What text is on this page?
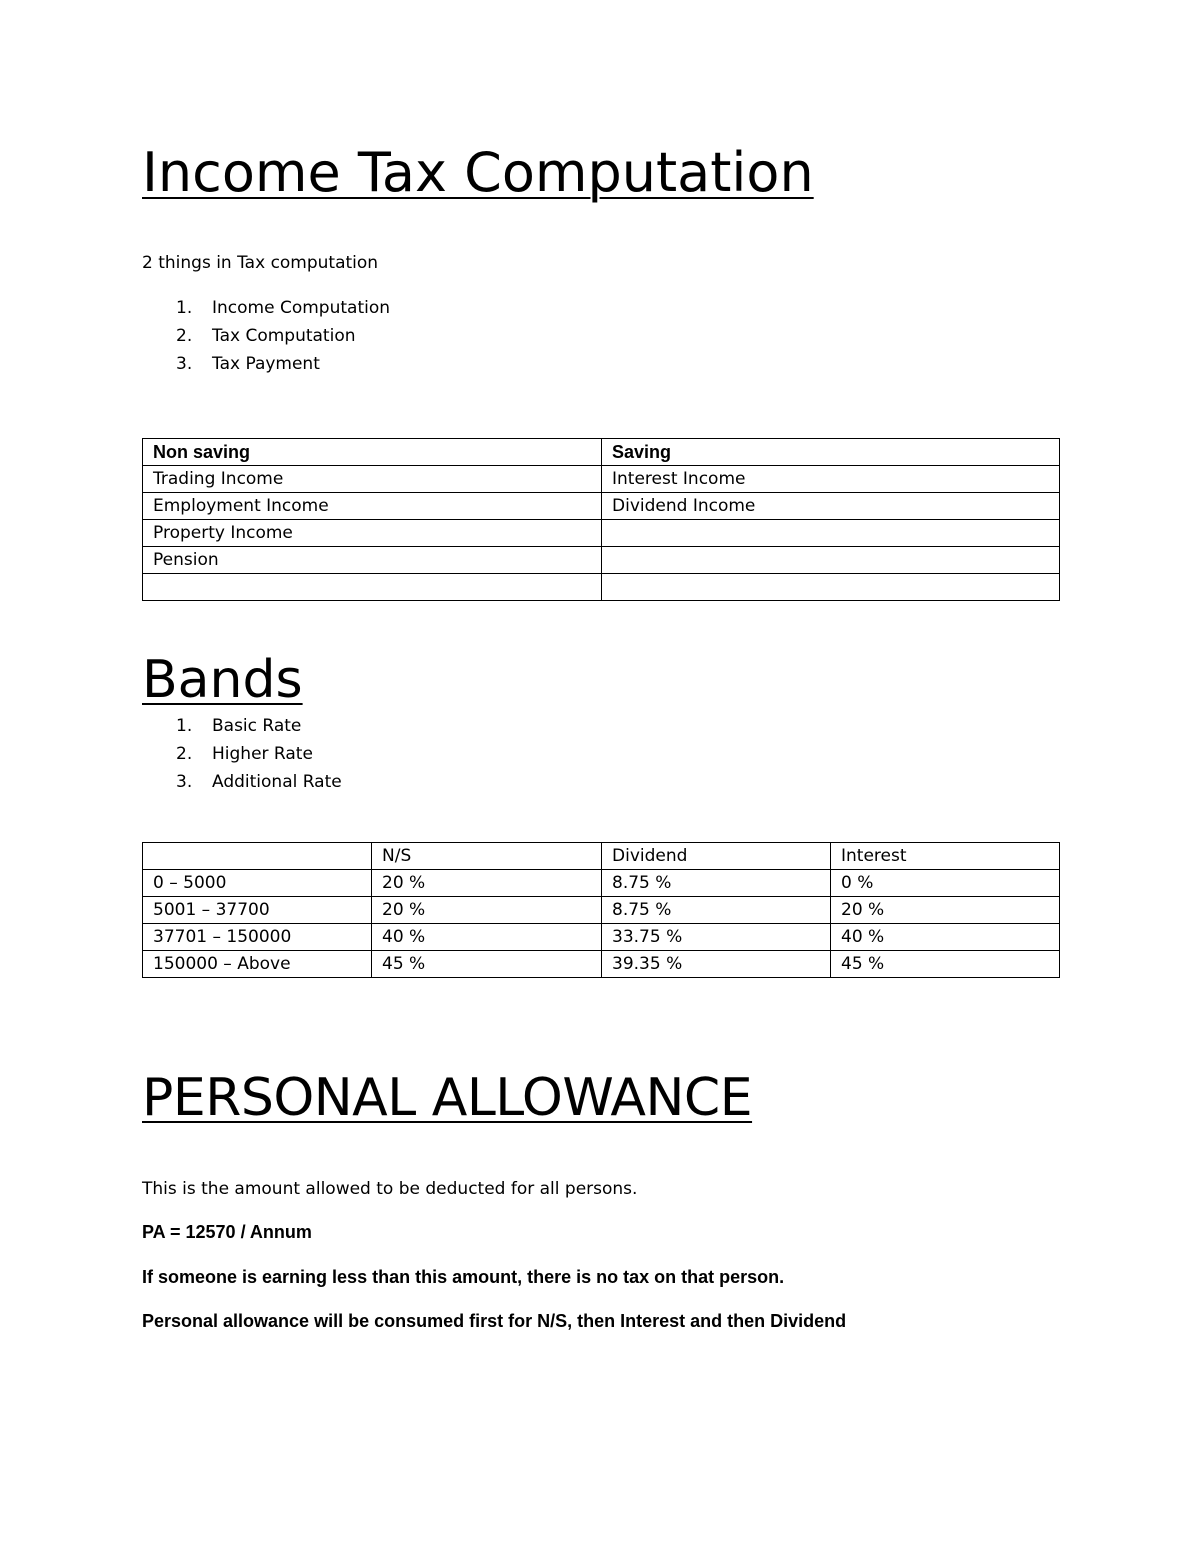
Income Tax Computation

2 things in Tax computation

1. Income Computation
2. Tax Computation
3. Tax Payment
Non saving	Saving
Trading Income	Interest Income
Employment Income	Dividend Income
Property Income	
Pension	

Bands
1. Basic Rate
2. Higher Rate
3. Additional Rate
	N/S	Dividend	Interest
0 – 5000	20 %	8.75 %	0 %
5001 – 37700	20 %	8.75 %	20 %
37701 – 150000	40 %	33.75 %	40 %
150000 – Above	45 %	39.35 %	45 %
PERSONAL ALLOWANCE

This is the amount allowed to be deducted for all persons.

PA = 12570 / Annum

If someone is earning less than this amount, there is no tax on that person.

Personal allowance will be consumed first for N/S, then Interest and then Dividend
